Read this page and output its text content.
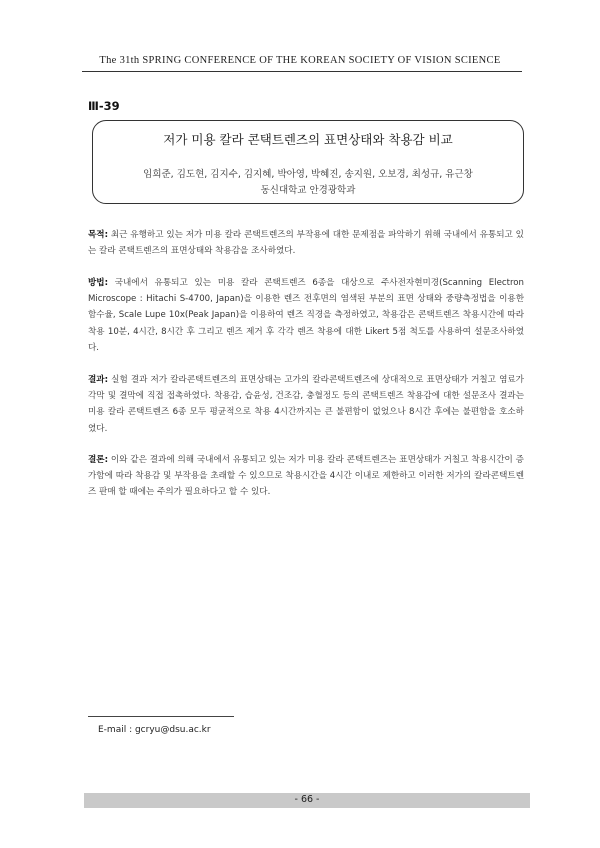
The 31th SPRING CONFERENCE OF THE KOREAN SOCIETY OF VISION SCIENCE
Ⅲ-39
저가 미용 칼라 콘택트렌즈의 표면상태와 착용감 비교
임희준, 김도현, 김지수, 김지혜, 박아영, 박혜진, 송지원, 오보경, 최성규, 유근창
동신대학교 안경광학과
목적: 최근 유행하고 있는 저가 미용 칼라 콘택트렌즈의 부작용에 대한 문제점을 파악하기 위해 국내에서 유통되고 있는 칼라 콘택트렌즈의 표면상태와 착용감을 조사하였다.
방법: 국내에서 유통되고 있는 미용 칼라 콘택트렌즈 6종을 대상으로 주사전자현미경(Scanning Electron Microscope : Hitachi S-4700, Japan)을 이용한 렌즈 전후면의 염색된 부분의 표면 상태와 중량측정법을 이용한 함수율, Scale Lupe 10x(Peak Japan)을 이용하여 렌즈 직경을 측정하였고, 착용감은 콘택트렌즈 착용시간에 따라 착용 10분, 4시간, 8시간 후 그리고 렌즈 제거 후 각각 렌즈 착용에 대한 Likert 5점 척도를 사용하여 설문조사하였다.
결과: 실험 결과 저가 칼라콘택트렌즈의 표면상태는 고가의 칼라콘택트렌즈에 상대적으로 표면상태가 거칠고 염료가 각막 및 결막에 직접 접촉하였다. 착용감, 습윤성, 건조감, 충혈정도 등의 콘택트렌즈 착용감에 대한 설문조사 결과는 미용 칼라 콘택트렌즈 6종 모두 평균적으로 착용 4시간까지는 큰 불편함이 없었으나 8시간 후에는 불편함을 호소하였다.
결론: 이와 같은 결과에 의해 국내에서 유통되고 있는 저가 미용 칼라 콘택트렌즈는 표면상태가 거칠고 착용시간이 증가함에 따라 착용감 및 부작용을 초래할 수 있으므로 착용시간을 4시간 이내로 제한하고 이러한 저가의 칼라콘택트렌즈 판매 할 때에는 주의가 필요하다고 할 수 있다.
E-mail : gcryu@dsu.ac.kr
- 66 -
